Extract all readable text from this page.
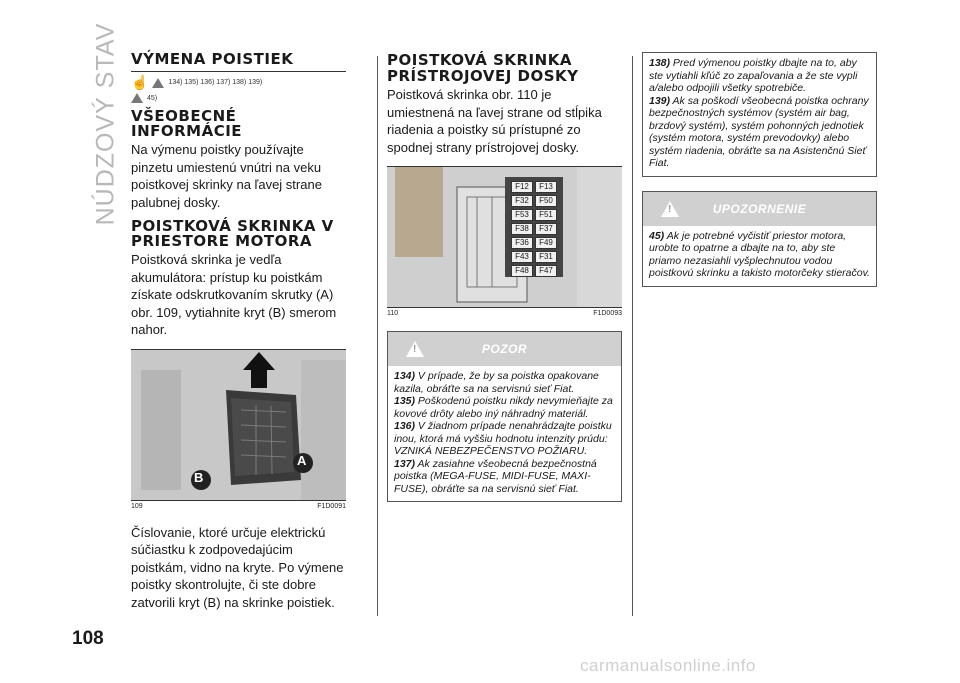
NÚDZOVÝ STAV
108
VÝMENA POISTIEK
☝	134) 135) 136) 137) 138) 139)
45)
VŠEOBECNÉ INFORMÁCIE

Na výmenu poistky používajte pinzetu umiestenú vnútri na veku poistkovej skrinky na ľavej strane palubnej dosky.

POISTKOVÁ SKRINKA V PRIESTORE MOTORA

Poistková skrinka je vedľa akumulátora: prístup ku poistkám získate odskrutkovaním skrutky (A) obr. 109, vytiahnite kryt (B) smerom nahor.

B
A
109	F1D0091

Číslovanie, ktoré určuje elektrickú súčiastku k zodpovedajúcim poistkám, vidno na kryte. Po výmene poistky skontrolujte, či ste dobre zatvorili kryt (B) na skrinke poistiek.

POISTKOVÁ SKRINKA PRÍSTROJOVEJ DOSKY

Poistková skrinka obr. 110 je umiestnená na ľavej strane od stĺpika riadenia a poistky sú prístupné zo spodnej strany prístrojovej dosky.

F12	F13
F32	F50
F53	F51
F38	F37
F36	F49
F43	F31
F48	F47
110	F1D0093
!
POZOR

134) V prípade, že by sa poistka opakovane kazila, obráťte sa na servisnú sieť Fiat.

135) Poškodenú poistku nikdy nevymieňajte za kovové drôty alebo iný náhradný materiál.

136) V žiadnom prípade nenahrádzajte poistku inou, ktorá má vyššiu hodnotu intenzity prúdu: VZNIKÁ NEBEZPEČENSTVO POŽIARU.

137) Ak zasiahne všeobecná bezpečnostná poistka (MEGA-FUSE, MIDI-FUSE, MAXI-FUSE), obráťte sa na servisnú sieť Fiat.

138) Pred výmenou poistky dbajte na to, aby ste vytiahli kľúč zo zapaľovania a že ste vypli a/alebo odpojili všetky spotrebiče.

139) Ak sa poškodí všeobecná poistka ochrany bezpečnostných systémov (systém air bag, brzdový systém), systém pohonných jednotiek (systém motora, systém prevodovky) alebo systém riadenia, obráťte sa na Asistenčnú Sieť Fiat.

!
UPOZORNENIE

45) Ak je potrebné vyčistiť priestor motora, urobte to opatrne a dbajte na to, aby ste priamo nezasiahli vyšplechnutou vodou poistkovú skrinku a takisto motorčeky stieračov.

carmanualsonline.info
